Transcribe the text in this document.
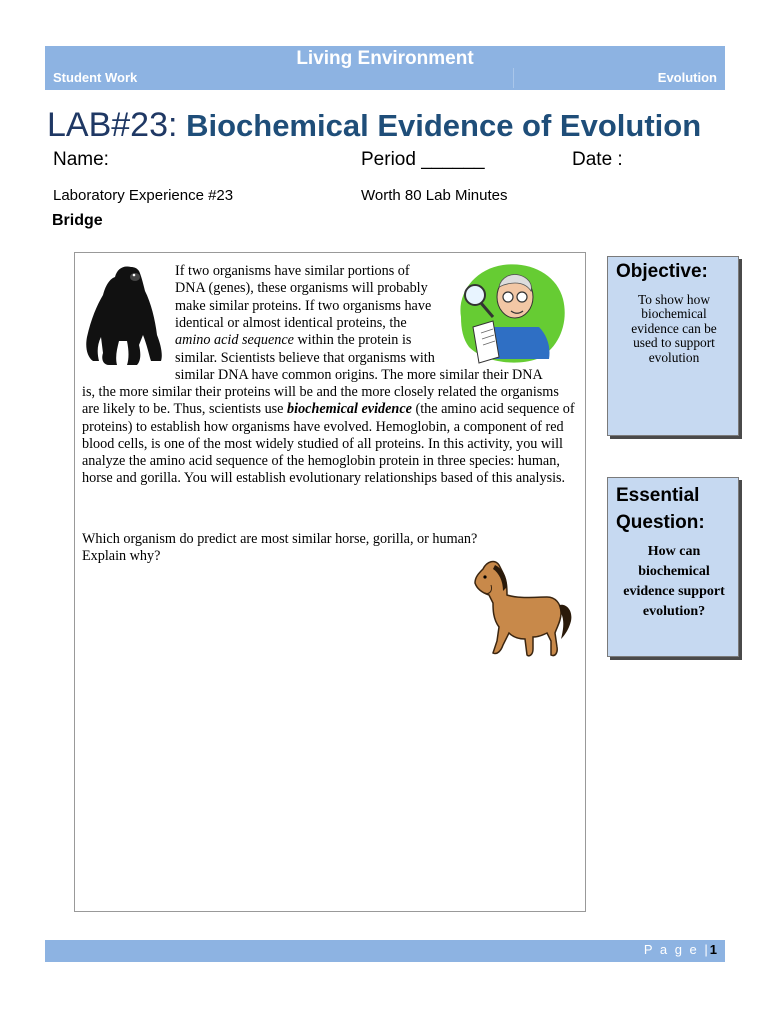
Living Environment
Student Work	Evolution
LAB#23: Biochemical Evidence of Evolution
Name:	Period ______	Date :
Laboratory Experience #23	Worth 80 Lab Minutes
Bridge
If two organisms have similar portions of
DNA (genes), these organisms will probably
make similar proteins. If two organisms have
identical or almost identical proteins, the
amino acid sequence within the protein is
similar. Scientists believe that organisms with
similar DNA have common origins. The more similar their DNA
is, the more similar their proteins will be and the more closely related the organisms are likely to be. Thus, scientists use biochemical evidence (the amino acid sequence of proteins) to establish how organisms have evolved. Hemoglobin, a component of red blood cells, is one of the most widely studied of all proteins. In this activity, you will analyze the amino acid sequence of the hemoglobin protein in three species: human, horse and gorilla. You will establish evolutionary relationships based of this analysis.
Which organism do predict are most similar horse, gorilla, or human? Explain why?
Objective:
To show how biochemical evidence can be used to support evolution
Essential Question:
How can biochemical evidence support evolution?
P a g e |1
